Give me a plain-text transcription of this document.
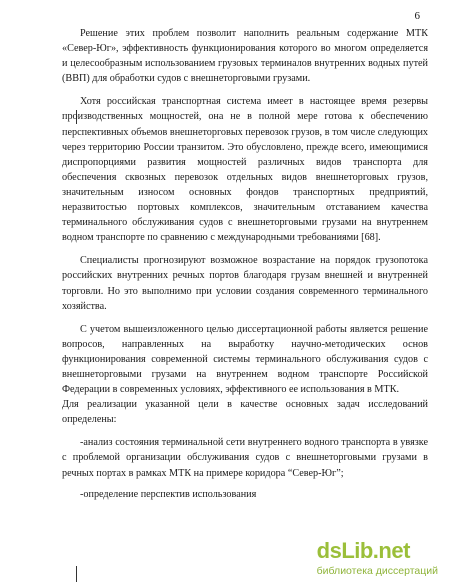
6

Решение этих проблем позволит наполнить реальным содержание МТК «Север-Юг», эффективность функционирования которого во многом определяется и целесообразным использованием грузовых терминалов внутренних водных путей (ВВП) для обработки судов с внешнеторговыми грузами.

Хотя российская транспортная система имеет в настоящее время резервы производственных мощностей, она не в полной мере готова к обеспечению перспективных объемов внешнеторговых перевозок грузов, в том числе следующих через территорию России транзитом. Это обусловлено, прежде всего, имеющимися диспропорциями развития мощностей различных видов транспорта для обеспечения сквозных перевозок отдельных видов внешнеторговых грузов, значительным износом основных фондов транспортных предприятий, неразвитостью портовых комплексов, значительным отставанием качества терминального обслуживания судов с внешнеторговыми грузами на внутреннем водном транспорте по сравнению с международными требованиями [68].

Специалисты прогнозируют возможное возрастание на порядок грузопотока российских внутренних речных портов благодаря грузам внешней и внутренней торговли. Но это выполнимо при условии создания современного терминального хозяйства.

С учетом вышеизложенного целью диссертационной работы является решение вопросов, направленных на выработку научно-методических основ функционирования современной системы терминального обслуживания судов с внешнеторговыми грузами на внутреннем водном транспорте Российской Федерации в современных условиях, эффективного ее использования в МТК.

Для реализации указанной цели в качестве основных задач исследований определены:

-анализ состояния терминальной сети внутреннего водного транспорта в увязке с проблемой организации обслуживания судов с внешнеторговыми грузами в речных портах в рамках МТК на примере коридора “Север-Юг”;

-определение перспектив использования

dsLib.net
библиотека диссертаций
